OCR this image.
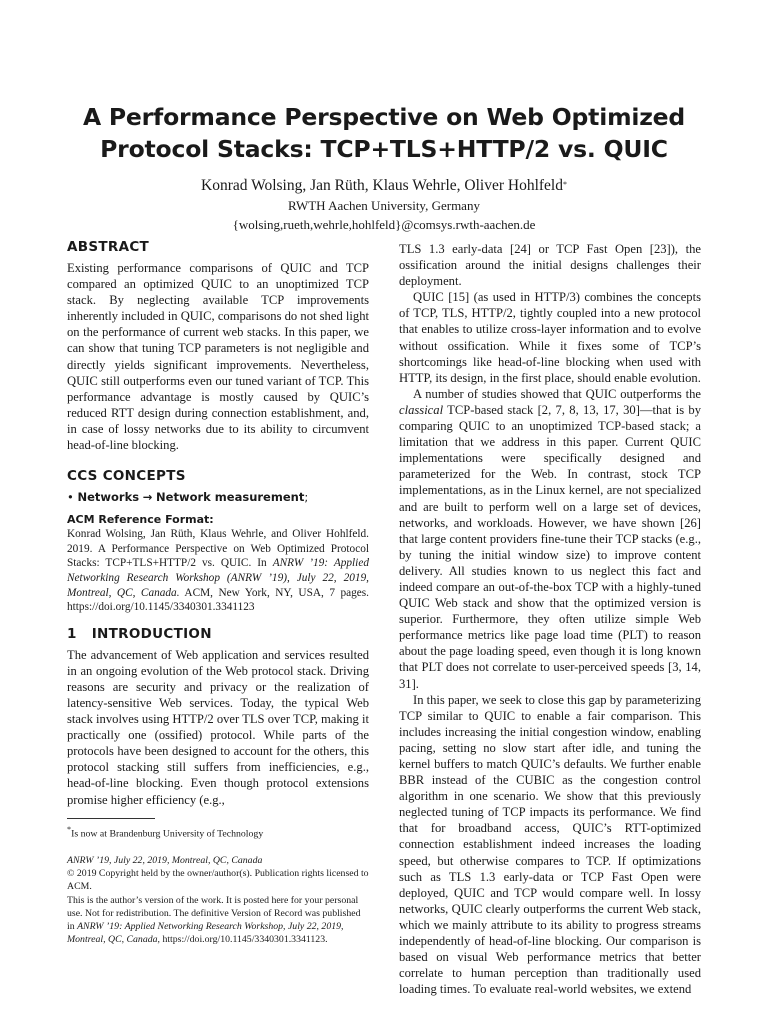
A Performance Perspective on Web Optimized
Protocol Stacks: TCP+TLS+HTTP/2 vs. QUIC
Konrad Wolsing, Jan Rüth, Klaus Wehrle, Oliver Hohlfeld*
RWTH Aachen University, Germany
{wolsing,rueth,wehrle,hohlfeld}@comsys.rwth-aachen.de
ABSTRACT

Existing performance comparisons of QUIC and TCP compared an optimized QUIC to an unoptimized TCP stack. By neglecting available TCP improvements inherently included in QUIC, comparisons do not shed light on the performance of current web stacks. In this paper, we can show that tuning TCP parameters is not negligible and directly yields significant improvements. Nevertheless, QUIC still outperforms even our tuned variant of TCP. This performance advantage is mostly caused by QUIC’s reduced RTT design during connection establishment, and, in case of lossy networks due to its ability to circumvent head-of-line blocking.

CCS CONCEPTS
• Networks → Network measurement;
ACM Reference Format:
Konrad Wolsing, Jan Rüth, Klaus Wehrle, and Oliver Hohlfeld. 2019. A Performance Perspective on Web Optimized Protocol Stacks: TCP+TLS+HTTP/2 vs. QUIC. In ANRW ’19: Applied Networking Research Workshop (ANRW ’19), July 22, 2019, Montreal, QC, Canada. ACM, New York, NY, USA, 7 pages. https://doi.org/10.1145/3340301.3341123
1 INTRODUCTION

The advancement of Web application and services resulted in an ongoing evolution of the Web protocol stack. Driving reasons are security and privacy or the realization of latency-sensitive Web services. Today, the typical Web stack involves using HTTP/2 over TLS over TCP, making it practically one (ossified) protocol. While parts of the protocols have been designed to account for the others, this protocol stacking still suffers from inefficiencies, e.g., head-of-line blocking. Even though protocol extensions promise higher efficiency (e.g.,

*Is now at Brandenburg University of Technology
ANRW ’19, July 22, 2019, Montreal, QC, Canada
© 2019 Copyright held by the owner/author(s). Publication rights licensed to ACM.
This is the author’s version of the work. It is posted here for your personal use. Not for redistribution. The definitive Version of Record was published in ANRW ’19: Applied Networking Research Workshop, July 22, 2019, Montreal, QC, Canada, https://doi.org/10.1145/3340301.3341123.

TLS 1.3 early-data [24] or TCP Fast Open [23]), the ossification around the initial designs challenges their deployment.

QUIC [15] (as used in HTTP/3) combines the concepts of TCP, TLS, HTTP/2, tightly coupled into a new protocol that enables to utilize cross-layer information and to evolve without ossification. While it fixes some of TCP’s shortcomings like head-of-line blocking when used with HTTP, its design, in the first place, should enable evolution.

A number of studies showed that QUIC outperforms the classical TCP-based stack [2, 7, 8, 13, 17, 30]—that is by comparing QUIC to an unoptimized TCP-based stack; a limitation that we address in this paper. Current QUIC implementations were specifically designed and parameterized for the Web. In contrast, stock TCP implementations, as in the Linux kernel, are not specialized and are built to perform well on a large set of devices, networks, and workloads. However, we have shown [26] that large content providers fine-tune their TCP stacks (e.g., by tuning the initial window size) to improve content delivery. All studies known to us neglect this fact and indeed compare an out-of-the-box TCP with a highly-tuned QUIC Web stack and show that the optimized version is superior. Furthermore, they often utilize simple Web performance metrics like page load time (PLT) to reason about the page loading speed, even though it is long known that PLT does not correlate to user-perceived speeds [3, 14, 31].

In this paper, we seek to close this gap by parameterizing TCP similar to QUIC to enable a fair comparison. This includes increasing the initial congestion window, enabling pacing, setting no slow start after idle, and tuning the kernel buffers to match QUIC’s defaults. We further enable BBR instead of the CUBIC as the congestion control algorithm in one scenario. We show that this previously neglected tuning of TCP impacts its performance. We find that for broadband access, QUIC’s RTT-optimized connection establishment indeed increases the loading speed, but otherwise compares to TCP. If optimizations such as TLS 1.3 early-data or TCP Fast Open were deployed, QUIC and TCP would compare well. In lossy networks, QUIC clearly outperforms the current Web stack, which we mainly attribute to its ability to progress streams independently of head-of-line blocking. Our comparison is based on visual Web performance metrics that better correlate to human perception than traditionally used loading times. To evaluate real-world websites, we extend
